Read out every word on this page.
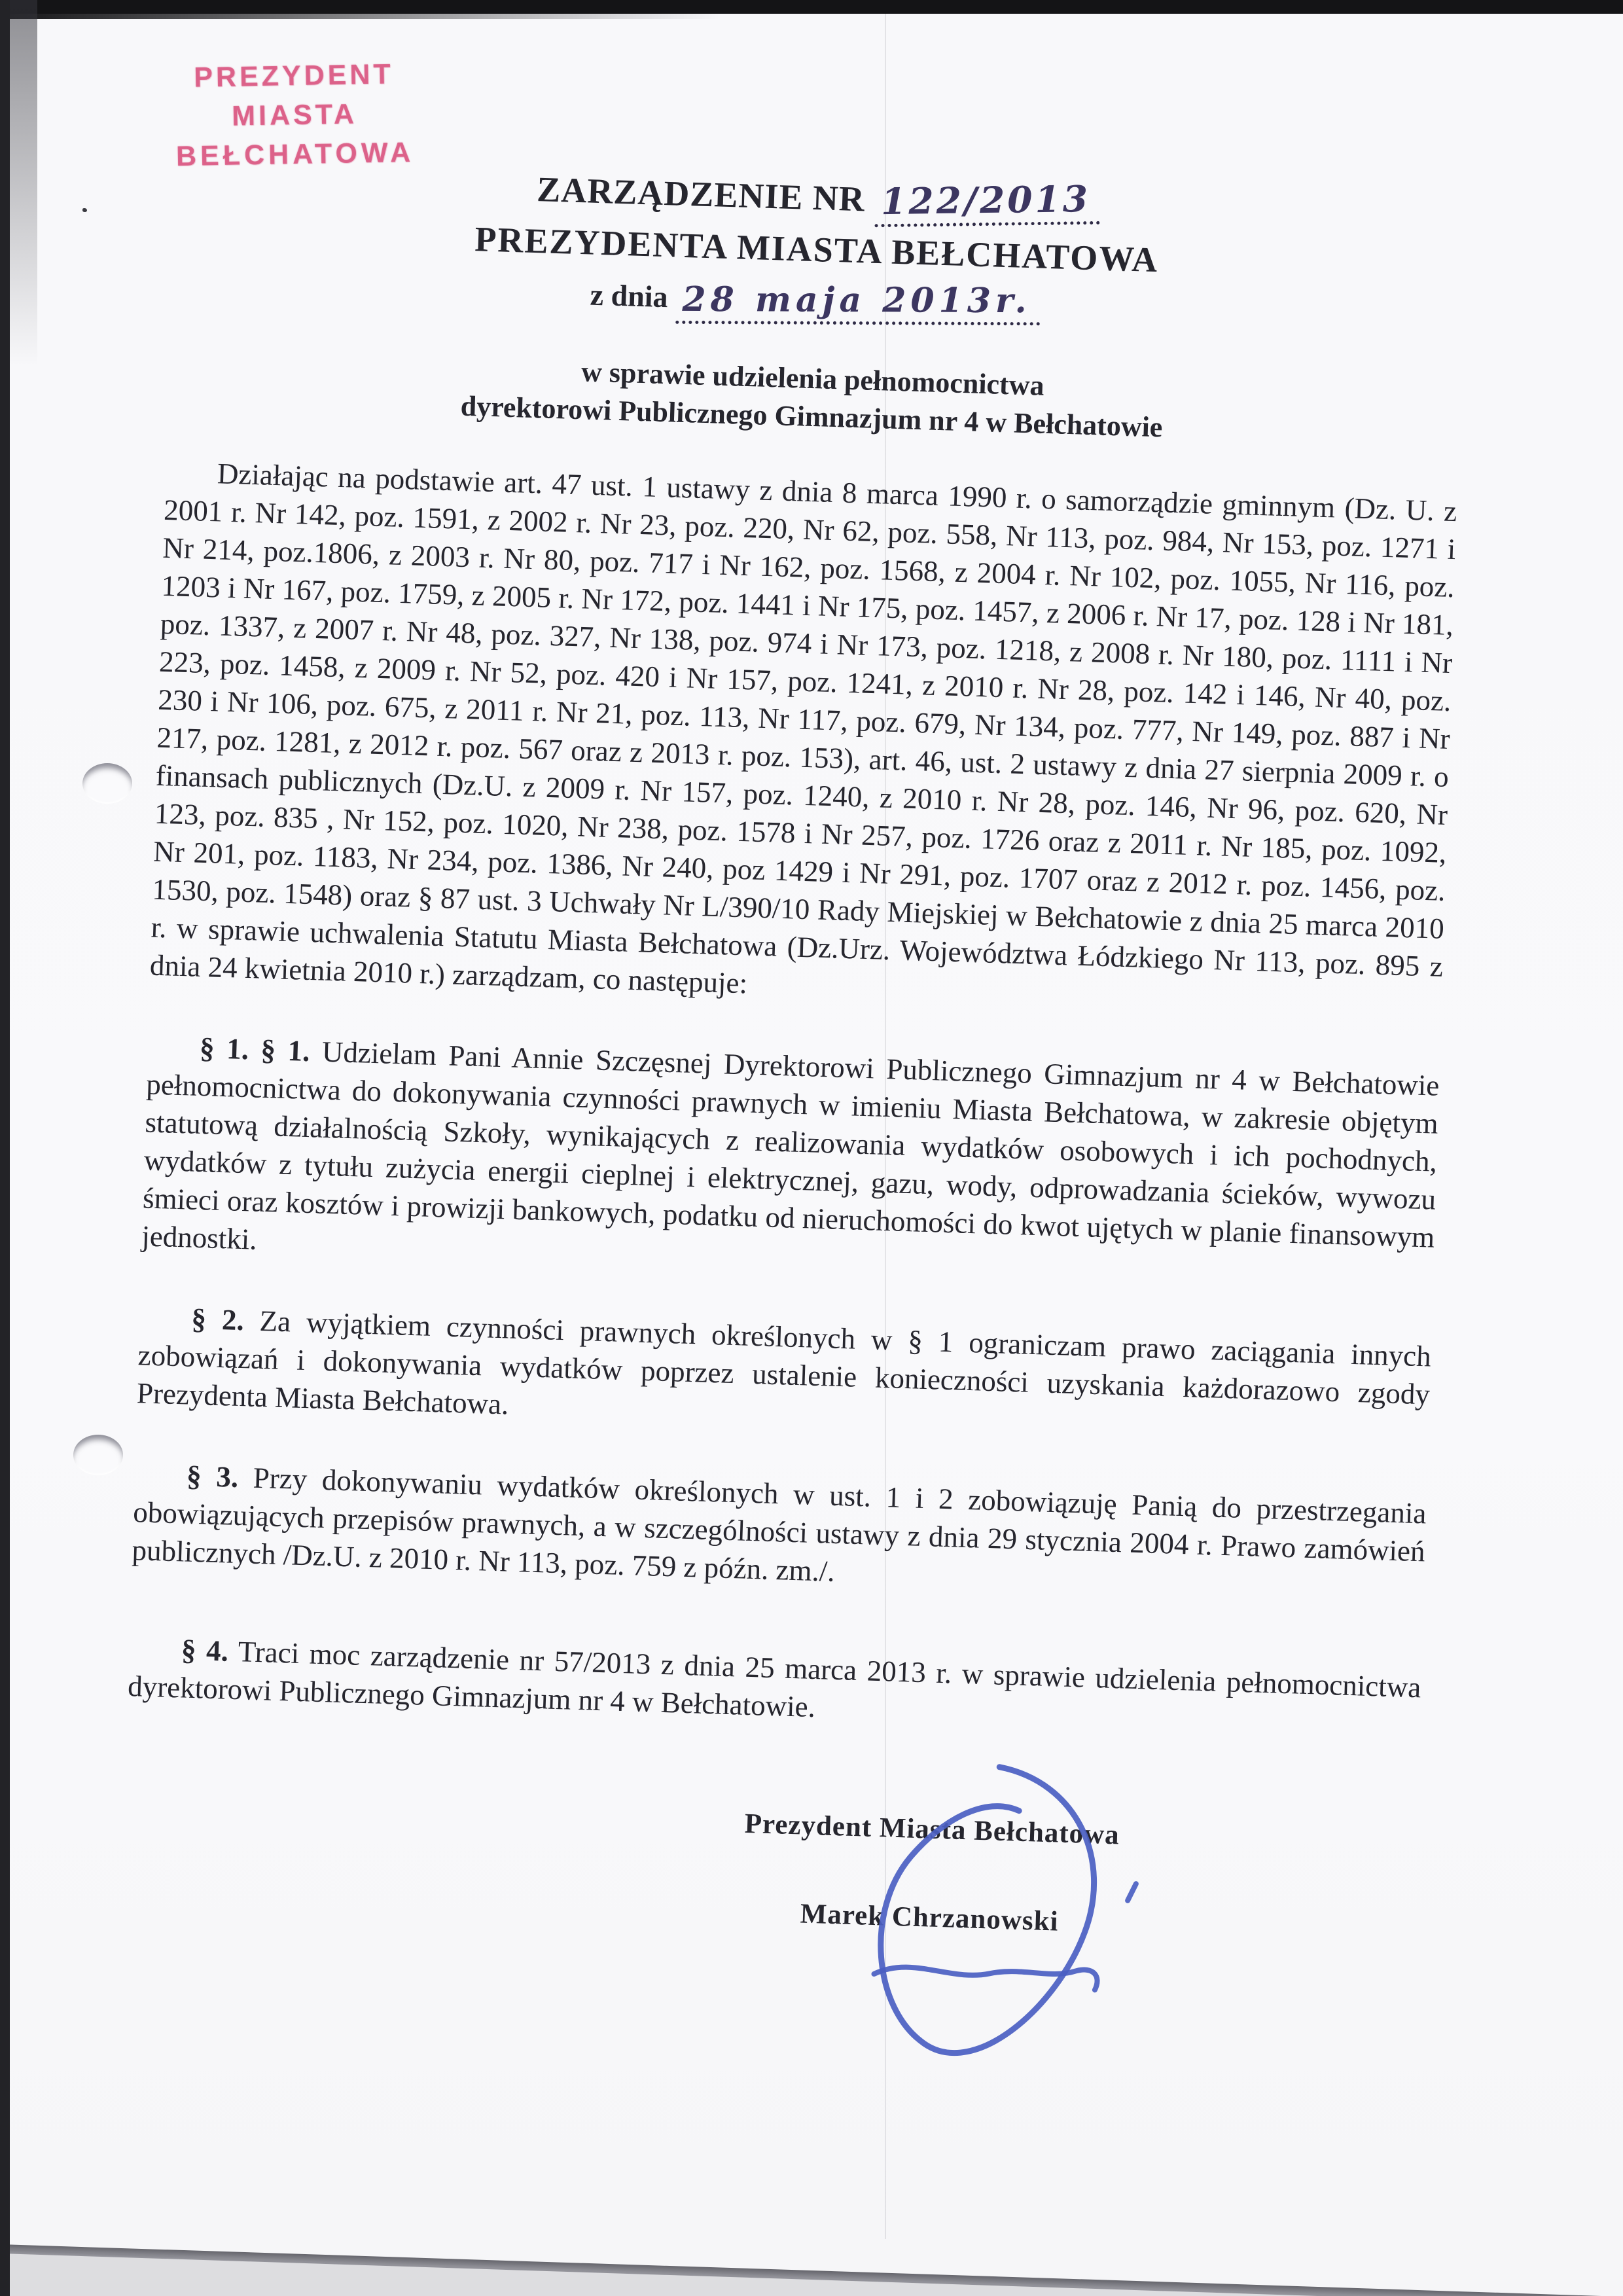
PREZYDENT MIASTA
BEŁCHATOWA
ZARZĄDZENIE NR 122/2013
PREZYDENTA MIASTA BEŁCHATOWA
z dnia 28 maja 2013r.
w sprawie udzielenia pełnomocnictwa
dyrektorowi Publicznego Gimnazjum nr 4 w Bełchatowie

Działając na podstawie art. 47 ust. 1 ustawy z dnia 8 marca 1990 r. o samorządzie gminnym (Dz. U. z 2001 r. Nr 142, poz. 1591, z 2002 r. Nr 23, poz. 220, Nr 62, poz. 558, Nr 113, poz. 984, Nr 153, poz. 1271 i Nr 214, poz.1806, z 2003 r. Nr 80, poz. 717 i Nr 162, poz. 1568, z 2004 r. Nr 102, poz. 1055, Nr 116, poz. 1203 i Nr 167, poz. 1759, z 2005 r. Nr 172, poz. 1441 i Nr 175, poz. 1457, z 2006 r. Nr 17, poz. 128 i Nr 181, poz. 1337, z 2007 r. Nr 48, poz. 327, Nr 138, poz. 974 i Nr 173, poz. 1218, z 2008 r. Nr 180, poz. 1111 i Nr 223, poz. 1458, z 2009 r. Nr 52, poz. 420 i Nr 157, poz. 1241, z 2010 r. Nr 28, poz. 142 i 146, Nr 40, poz. 230 i Nr 106, poz. 675, z 2011 r. Nr 21, poz. 113, Nr 117, poz. 679, Nr 134, poz. 777, Nr 149, poz. 887 i Nr 217, poz. 1281, z 2012 r. poz. 567 oraz z 2013 r. poz. 153), art. 46, ust. 2 ustawy z dnia 27 sierpnia 2009 r. o finansach publicznych (Dz.U. z 2009 r. Nr 157, poz. 1240, z 2010 r. Nr 28, poz. 146, Nr 96, poz. 620, Nr 123, poz. 835 , Nr 152, poz. 1020, Nr 238, poz. 1578 i Nr 257, poz. 1726 oraz z 2011 r. Nr 185, poz. 1092, Nr 201, poz. 1183, Nr 234, poz. 1386, Nr 240, poz 1429 i Nr 291, poz. 1707 oraz z 2012 r. poz. 1456, poz. 1530, poz. 1548) oraz § 87 ust. 3 Uchwały Nr L/390/10 Rady Miejskiej w Bełchatowie z dnia 25 marca 2010 r. w sprawie uchwalenia Statutu Miasta Bełchatowa (Dz.Urz. Województwa Łódzkiego Nr 113, poz. 895 z dnia 24 kwietnia 2010 r.) zarządzam, co następuje:

§ 1. § 1. Udzielam Pani Annie Szczęsnej Dyrektorowi Publicznego Gimnazjum nr 4 w Bełchatowie pełnomocnictwa do dokonywania czynności prawnych w imieniu Miasta Bełchatowa, w zakresie objętym statutową działalnością Szkoły, wynikających z realizowania wydatków osobowych i ich pochodnych, wydatków z tytułu zużycia energii cieplnej i elektrycznej, gazu, wody, odprowadzania ścieków, wywozu śmieci oraz kosztów i prowizji bankowych, podatku od nieruchomości do kwot ujętych w planie finansowym jednostki.

§ 2. Za wyjątkiem czynności prawnych określonych w § 1 ograniczam prawo zaciągania innych zobowiązań i dokonywania wydatków poprzez ustalenie konieczności uzyskania każdorazowo zgody Prezydenta Miasta Bełchatowa.

§ 3. Przy dokonywaniu wydatków określonych w ust. 1 i 2 zobowiązuję Panią do przestrzegania obowiązujących przepisów prawnych, a w szczególności ustawy z dnia 29 stycznia 2004 r. Prawo zamówień publicznych /Dz.U. z 2010 r. Nr 113, poz. 759 z późn. zm./.

§ 4. Traci moc zarządzenie nr 57/2013 z dnia 25 marca 2013 r. w sprawie udzielenia pełnomocnictwa dyrektorowi Publicznego Gimnazjum nr 4 w Bełchatowie.

Prezydent Miasta Bełchatowa
Marek Chrzanowski
